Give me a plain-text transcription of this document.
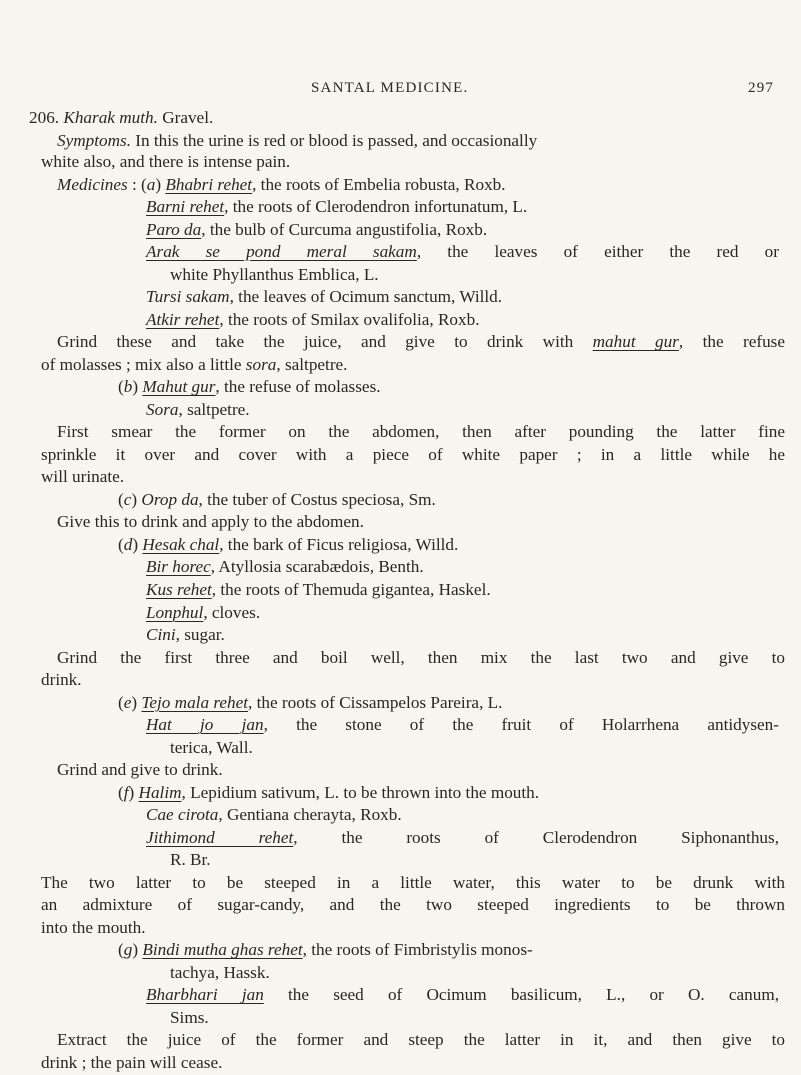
SANTAL MEDICINE.	297
206. Kharak muth. Gravel.
Symptoms. In this the urine is red or blood is passed, and occasionally
white also, and there is intense pain.
Medicines : (a) Bhabri rehet, the roots of Embelia robusta, Roxb.
Barni rehet, the roots of Clerodendron infortunatum, L.
Paro da, the bulb of Curcuma angustifolia, Roxb.
Arak se pond meral sakam, the leaves of either the red or
white Phyllanthus Emblica, L.
Tursi sakam, the leaves of Ocimum sanctum, Willd.
Atkir rehet, the roots of Smilax ovalifolia, Roxb.
Grind these and take the juice, and give to drink with mahut gur, the refuse
of molasses ; mix also a little sora, saltpetre.
(b) Mahut gur, the refuse of molasses.
Sora, saltpetre.
First smear the former on the abdomen, then after pounding the latter fine
sprinkle it over and cover with a piece of white paper ; in a little while he
will urinate.
(c) Orop da, the tuber of Costus speciosa, Sm.
Give this to drink and apply to the abdomen.
(d) Hesak chal, the bark of Ficus religiosa, Willd.
Bir horec, Atyllosia scarabædois, Benth.
Kus rehet, the roots of Themuda gigantea, Haskel.
Lonphul, cloves.
Cini, sugar.
Grind the first three and boil well, then mix the last two and give to
drink.
(e) Tejo mala rehet, the roots of Cissampelos Pareira, L.
Hat jo jan, the stone of the fruit of Holarrhena antidysen-
terica, Wall.
Grind and give to drink.
(f) Halim, Lepidium sativum, L. to be thrown into the mouth.
Cae cirota, Gentiana cherayta, Roxb.
Jithimond rehet, the roots of Clerodendron Siphonanthus,
R. Br.
The two latter to be steeped in a little water, this water to be drunk with
an admixture of sugar-candy, and the two steeped ingredients to be thrown
into the mouth.
(g) Bindi mutha ghas rehet, the roots of Fimbristylis monos-
tachya, Hassk.
Bharbhari jan the seed of Ocimum basilicum, L., or O. canum,
Sims.
Extract the juice of the former and steep the latter in it, and then give to
drink ; the pain will cease.
